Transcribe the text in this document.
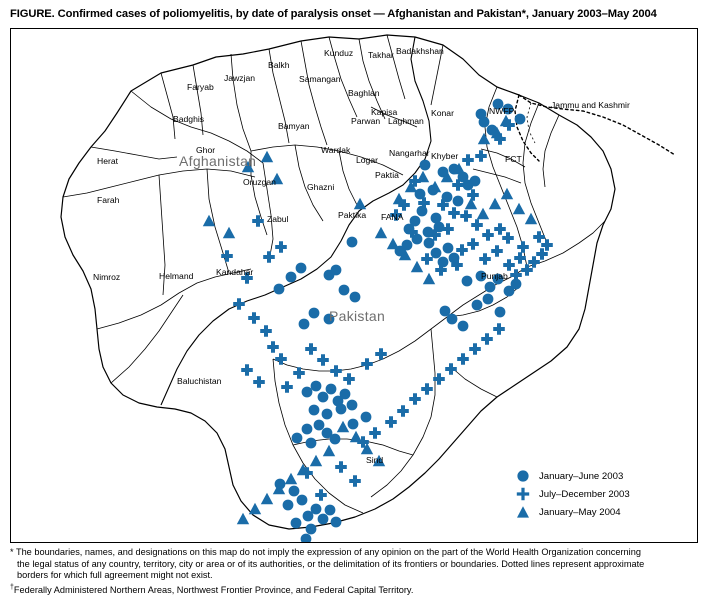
FIGURE. Confirmed cases of poliomyelitis, by date of paralysis onset — Afghanistan and Pakistan*, January 2003–May 2004
Kunduz Takhar Badakhshan
Balkh
Jawzjan	Samangan
Faryab
Baghlan
Kapisa	Konar	NWFP
Jammu and Kashmir
Badghis
Bamyan	Parwan Laghman
Ghor	Wardak	Nangarhar
Herat	Logar	Khyber
Oruzgan	Ghazni
Paktia
FCT
Farah
Zabul	Paktika FANA
Nimroz	Helmand	Kandahar	Punjab
Baluchistan
Sind
Afghanistan
Pakistan
January–June 2003
July–December 2003
January–May 2004
* The boundaries, names, and designations on this map do not imply the expression of any opinion on the part of the World Health Organization concerning
the legal status of any country, territory, city or area or of its authorities, or the delimitation of its frontiers or boundaries. Dotted lines represent approximate
borders for which full agreement might not exist.
†Federally Administered Northern Areas, Northwest Frontier Province, and Federal Capital Territory.
